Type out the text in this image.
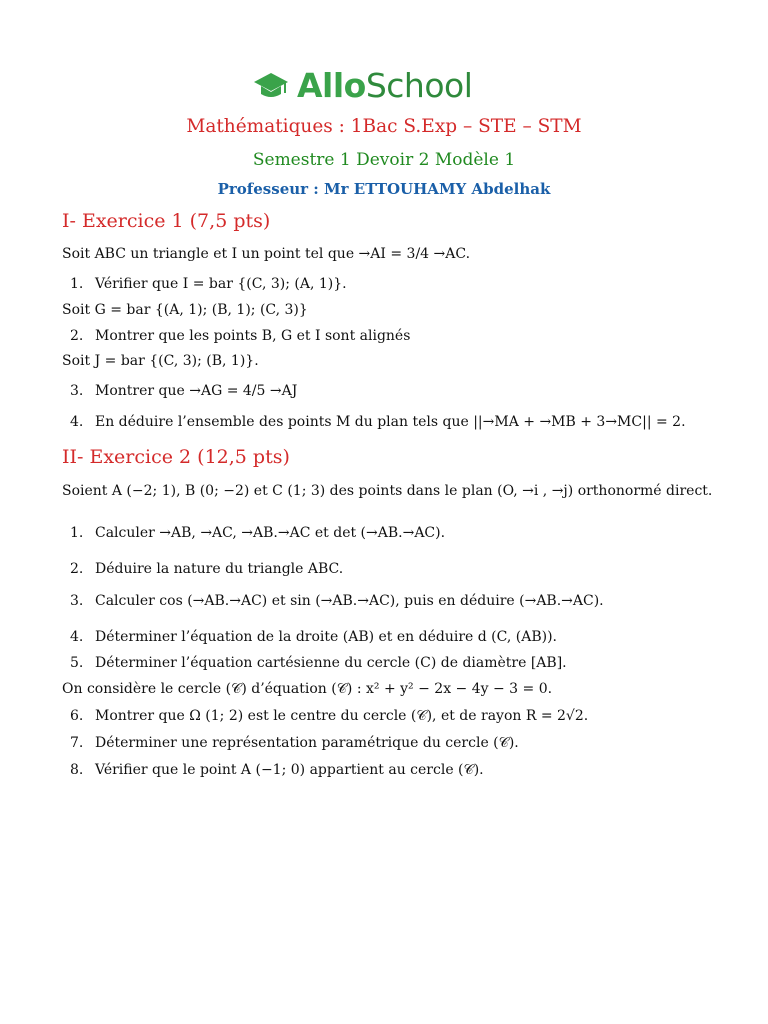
AlloSchool
Mathématiques : 1Bac S.Exp – STE – STM
Semestre 1 Devoir 2 Modèle 1
Professeur : Mr ETTOUHAMY Abdelhak
I- Exercice 1 (7,5 pts)
Soit ABC un triangle et I un point tel que →AI = 3/4 →AC.
1. Vérifier que I = bar {(C, 3); (A, 1)}.
Soit G = bar {(A, 1); (B, 1); (C, 3)}
2. Montrer que les points B, G et I sont alignés
Soit J = bar {(C, 3); (B, 1)}.
3. Montrer que →AG = 4/5 →AJ
4. En déduire l’ensemble des points M du plan tels que ||→MA + →MB + 3→MC|| = 2.
II- Exercice 2 (12,5 pts)
Soient A (−2; 1), B (0; −2) et C (1; 3) des points dans le plan (O, →i , →j) orthonormé direct.
1. Calculer →AB, →AC, →AB.→AC et det (→AB.→AC).
2. Déduire la nature du triangle ABC.
3. Calculer cos (→AB.→AC) et sin (→AB.→AC), puis en déduire (→AB.→AC).
4. Déterminer l’équation de la droite (AB) et en déduire d (C, (AB)).
5. Déterminer l’équation cartésienne du cercle (C) de diamètre [AB].
On considère le cercle (𝒞) d’équation (𝒞) : x² + y² − 2x − 4y − 3 = 0.
6. Montrer que Ω (1; 2) est le centre du cercle (𝒞), et de rayon R = 2√2.
7. Déterminer une représentation paramétrique du cercle (𝒞).
8. Vérifier que le point A (−1; 0) appartient au cercle (𝒞).
